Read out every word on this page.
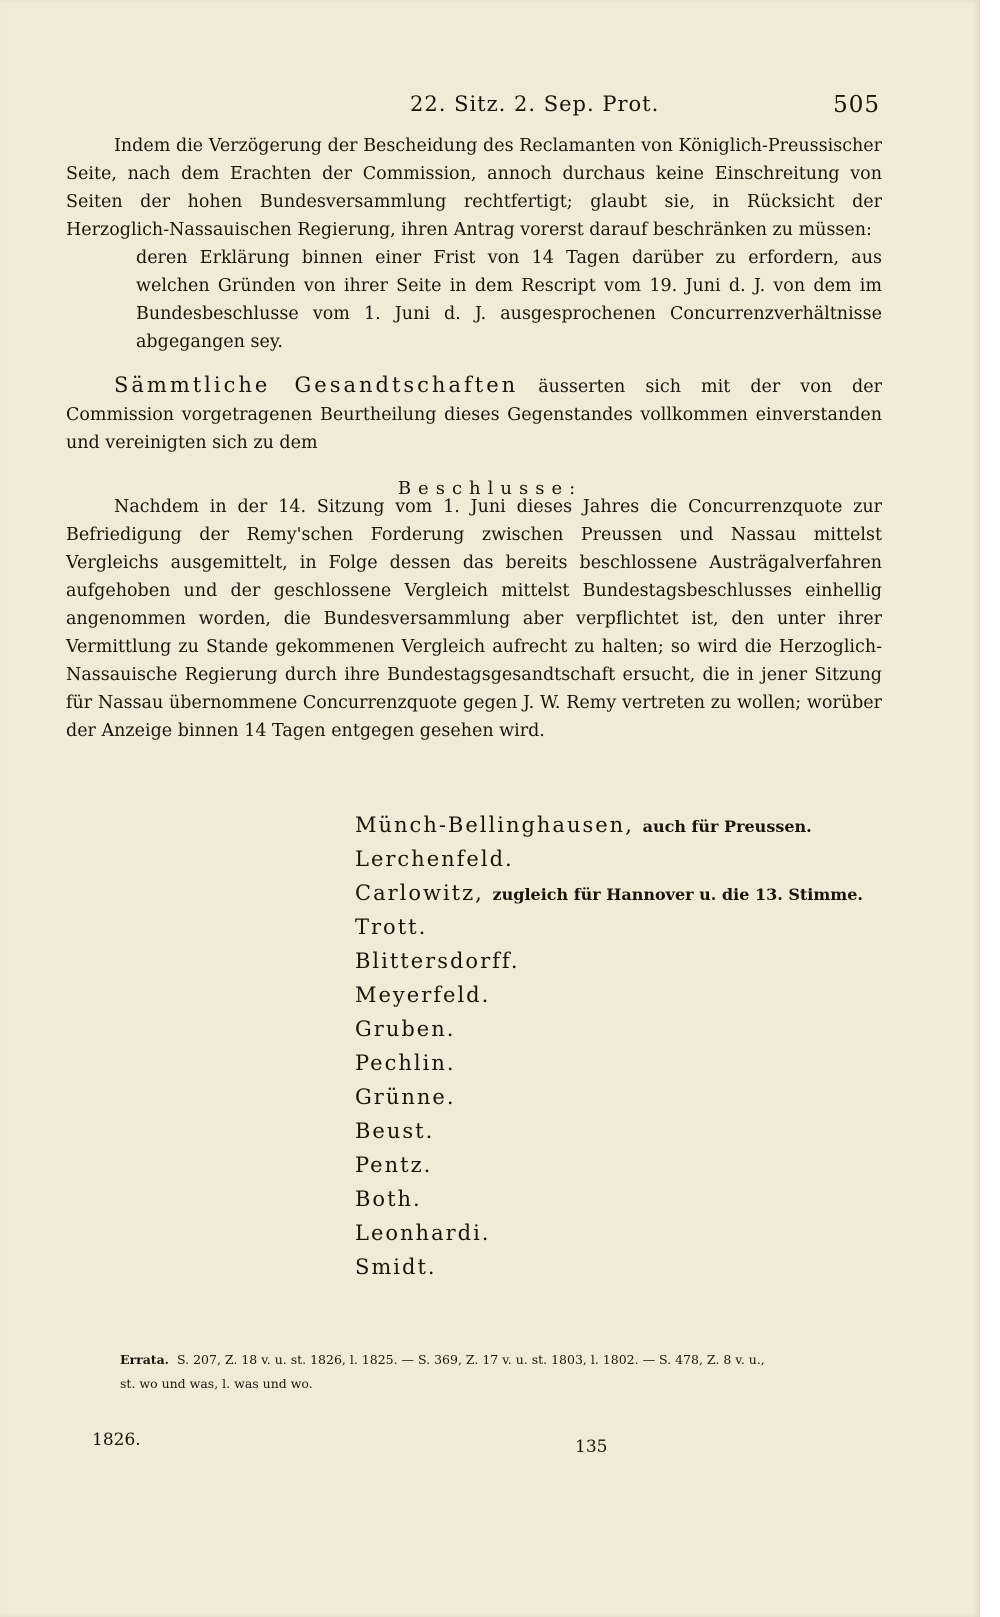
22. Sitz. 2. Sep. Prot.	505

Indem die Verzögerung der Bescheidung des Reclamanten von Königlich-Preussischer Seite, nach dem Erachten der Commission, annoch durchaus keine Einschreitung von Seiten der hohen Bundesversammlung rechtfertigt; glaubt sie, in Rücksicht der Herzoglich-Nassauischen Regierung, ihren Antrag vorerst darauf beschränken zu müssen:

deren Erklärung binnen einer Frist von 14 Tagen darüber zu erfordern, aus welchen Gründen von ihrer Seite in dem Rescript vom 19. Juni d. J. von dem im Bundesbeschlusse vom 1. Juni d. J. ausgesprochenen Concurrenzverhältnisse abgegangen sey.

Sämmtliche Gesandtschaften äusserten sich mit der von der Commission vorgetragenen Beurtheilung dieses Gegenstandes vollkommen einverstanden und vereinigten sich zu dem

Beschlusse:

Nachdem in der 14. Sitzung vom 1. Juni dieses Jahres die Concurrenzquote zur Befriedigung der Remy'schen Forderung zwischen Preussen und Nassau mittelst Vergleichs ausgemittelt, in Folge dessen das bereits beschlossene Austrägalverfahren aufgehoben und der geschlossene Vergleich mittelst Bundestagsbeschlusses einhellig angenommen worden, die Bundesversammlung aber verpflichtet ist, den unter ihrer Vermittlung zu Stande gekommenen Vergleich aufrecht zu halten; so wird die Herzoglich-Nassauische Regierung durch ihre Bundestagsgesandtschaft ersucht, die in jener Sitzung für Nassau übernommene Concurrenzquote gegen J. W. Remy vertreten zu wollen; worüber der Anzeige binnen 14 Tagen entgegen gesehen wird.

Münch-Bellinghausen, auch für Preussen.
Lerchenfeld.
Carlowitz, zugleich für Hannover u. die 13. Stimme.
Trott.
Blittersdorff.
Meyerfeld.
Gruben.
Pechlin.
Grünne.
Beust.
Pentz.
Both.
Leonhardi.
Smidt.
Errata. S. 207, Z. 18 v. u. st. 1826, l. 1825. — S. 369, Z. 17 v. u. st. 1803, l. 1802. — S. 478, Z. 8 v. u.,
st. wo und was, l. was und wo.
1826.	135
